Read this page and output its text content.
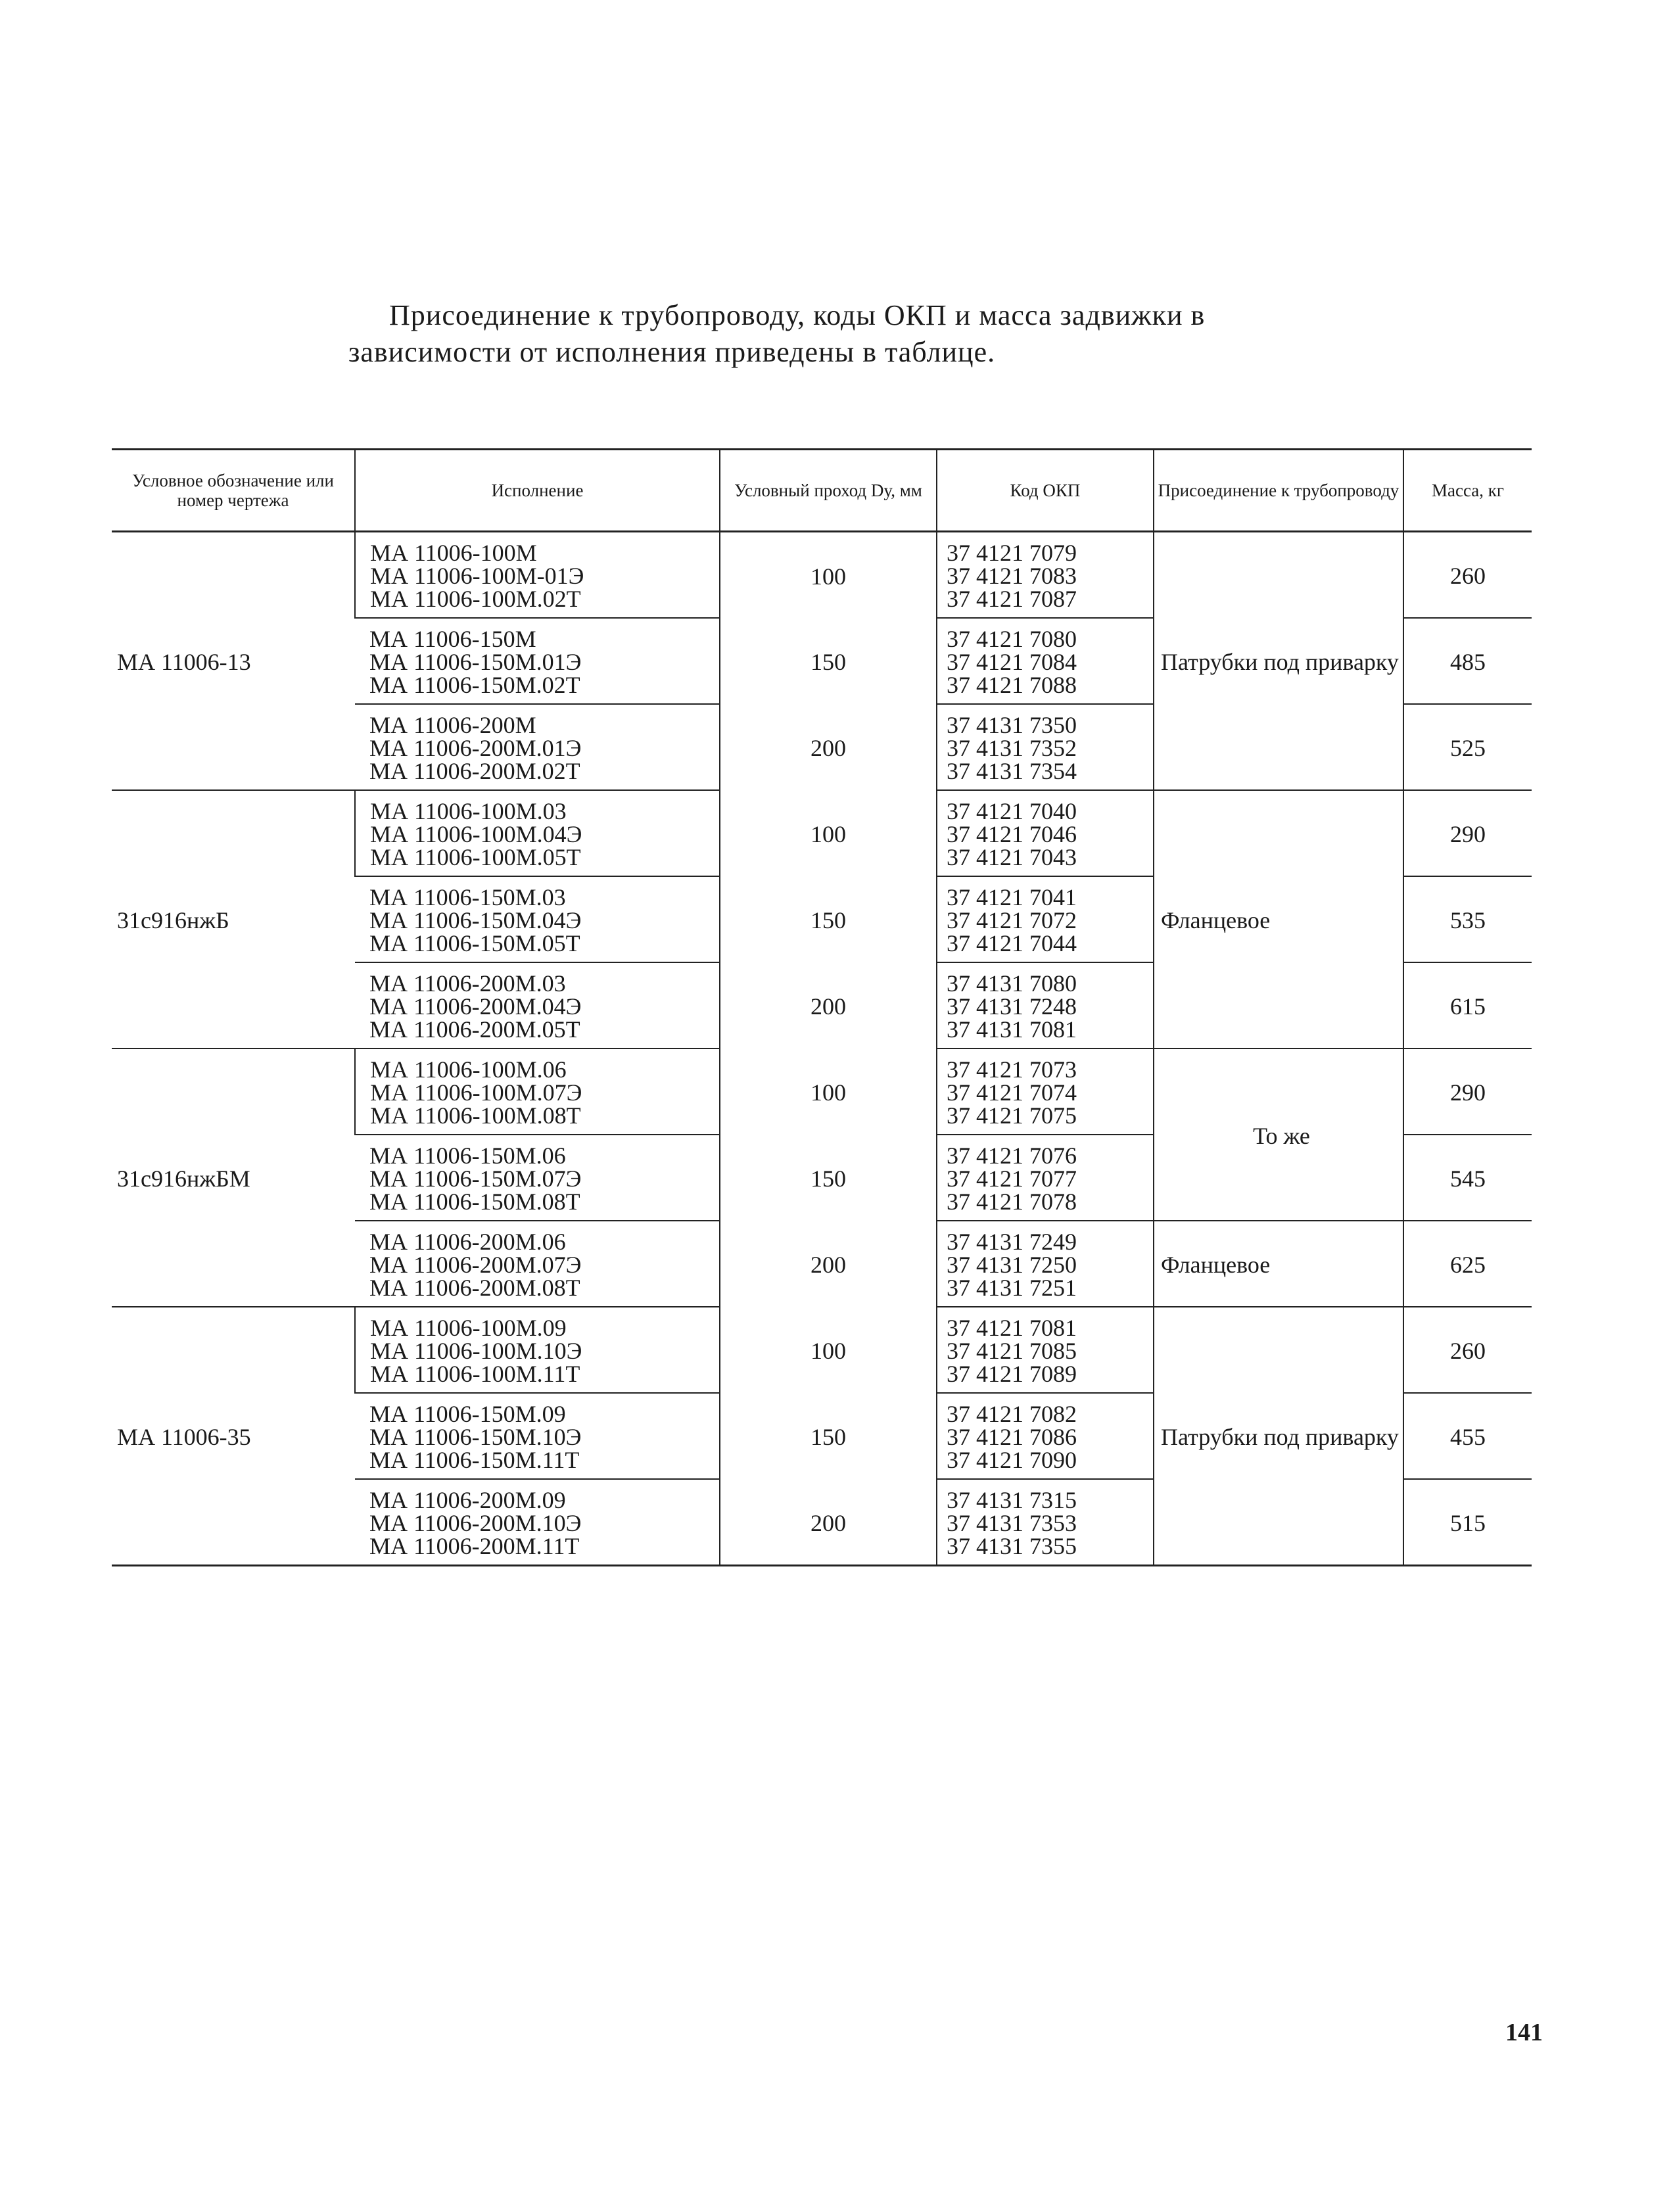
Присоединение к трубопроводу, коды ОКП и масса задвижки в

зависимости от исполнения приведены в таблице.

Условное обозначение или номер чертежа	Исполнение	Условный проход Dу, мм	Код ОКП	Присоединение к трубопроводу	Масса, кг
МА 11006-13	МА 11006-100М
МА 11006-100М-01Э
МА 11006-100М.02Т	100	37 4121 7079
37 4121 7083
37 4121 7087	Патрубки под приварку	260

	МА 11006-150М
МА 11006-150М.01Э
МА 11006-150М.02Т	150	37 4121 7080
37 4121 7084
37 4121 7088		485

	МА 11006-200М
МА 11006-200М.01Э
МА 11006-200М.02Т	200	37 4131 7350
37 4131 7352
37 4131 7354		525
31с916нжБ	МА 11006-100М.03
МА 11006-100М.04Э
МА 11006-100М.05Т	100	37 4121 7040
37 4121 7046
37 4121 7043	Фланцевое	290

	МА 11006-150М.03
МА 11006-150М.04Э
МА 11006-150М.05Т	150	37 4121 7041
37 4121 7072
37 4121 7044		535

	МА 11006-200М.03
МА 11006-200М.04Э
МА 11006-200М.05Т	200	37 4131 7080
37 4131 7248
37 4131 7081		615
31с916нжБМ	МА 11006-100М.06
МА 11006-100М.07Э
МА 11006-100М.08Т	100	37 4121 7073
37 4121 7074
37 4121 7075	То же	290

	МА 11006-150М.06
МА 11006-150М.07Э
МА 11006-150М.08Т	150	37 4121 7076
37 4121 7077
37 4121 7078		545

	МА 11006-200М.06
МА 11006-200М.07Э
МА 11006-200М.08Т	200	37 4131 7249
37 4131 7250
37 4131 7251	Фланцевое	625
МА 11006-35	МА 11006-100М.09
МА 11006-100М.10Э
МА 11006-100М.11Т	100	37 4121 7081
37 4121 7085
37 4121 7089	Патрубки под приварку	260

	МА 11006-150М.09
МА 11006-150М.10Э
МА 11006-150М.11Т	150	37 4121 7082
37 4121 7086
37 4121 7090		455

	МА 11006-200М.09
МА 11006-200М.10Э
МА 11006-200М.11Т	200	37 4131 7315
37 4131 7353
37 4131 7355		515
141
